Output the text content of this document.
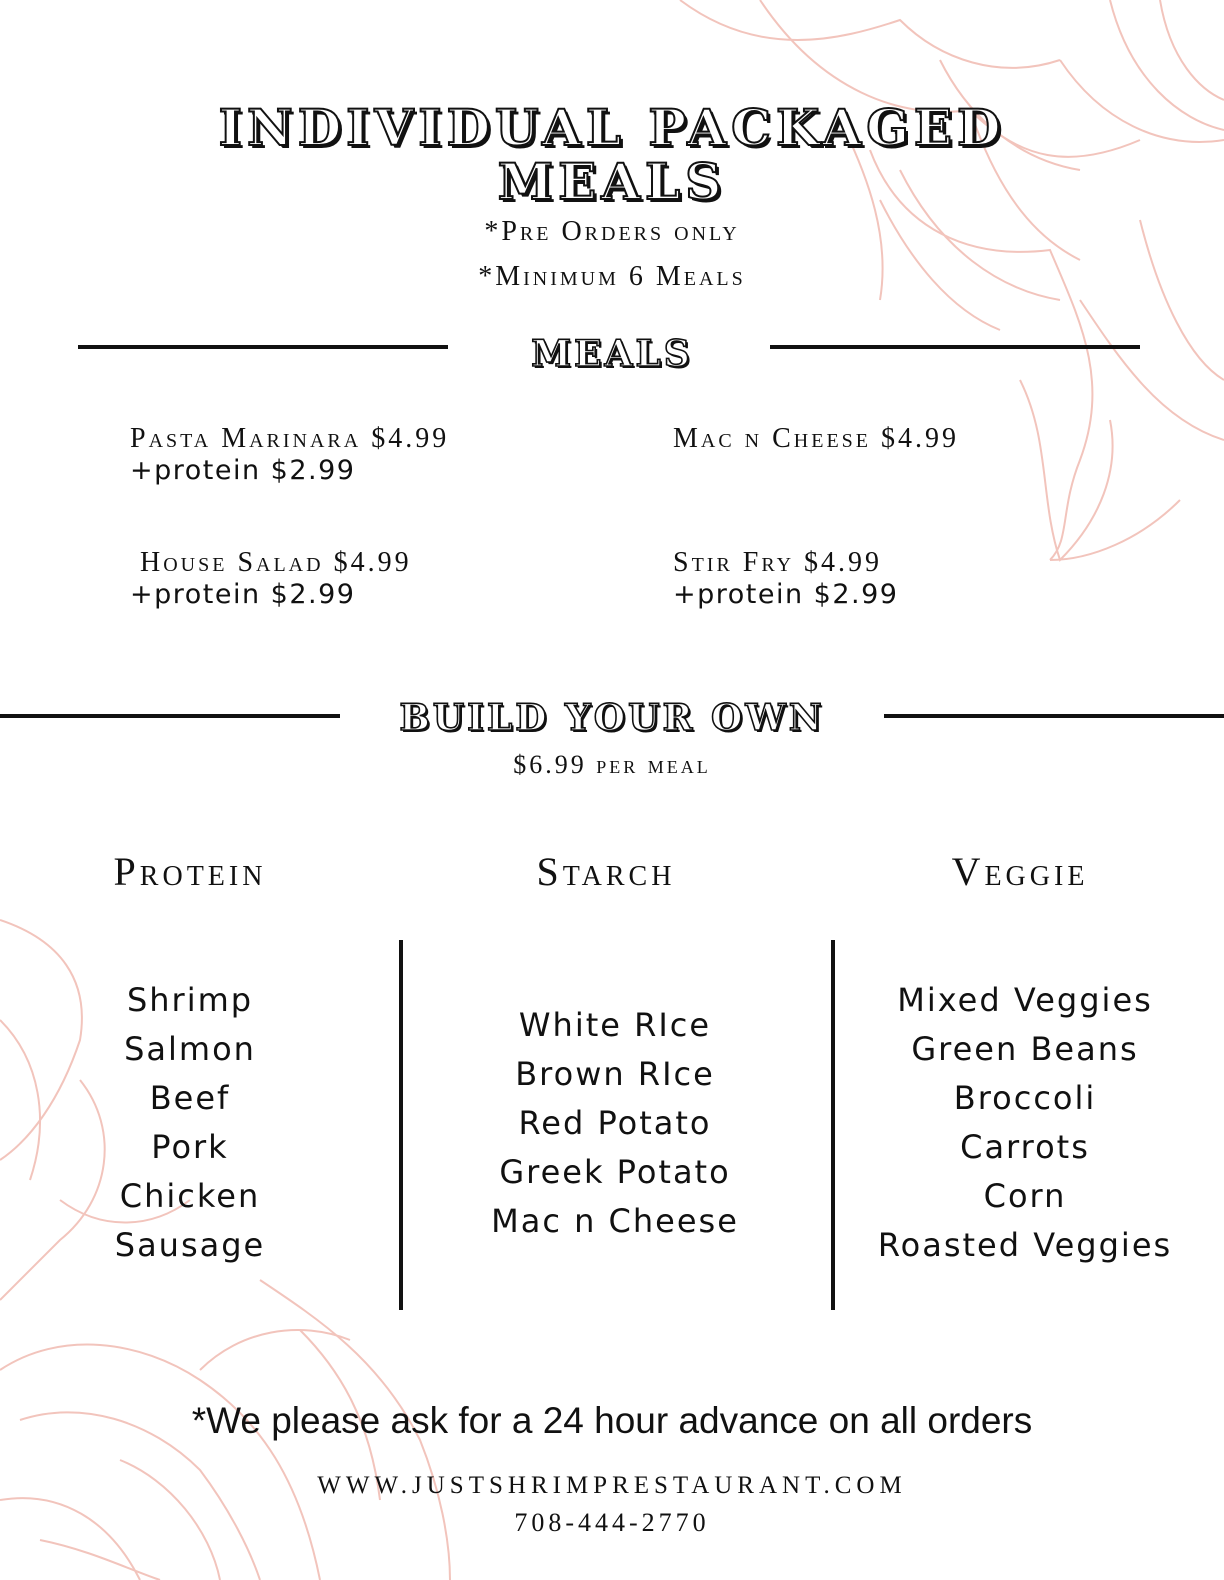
INDIVIDUAL PACKAGED
MEALS
*Pre Orders only
*Minimum 6 Meals
MEALS
Pasta Marinara $4.99
+protein $2.99
Mac n Cheese $4.99
House Salad $4.99
+protein $2.99
Stir Fry $4.99
+protein $2.99
BUILD YOUR OWN
$6.99 per meal
Protein	Starch	Veggie
Shrimp
Salmon
Beef
Pork
Chicken
Sausage
White RIce
Brown RIce
Red Potato
Greek Potato
Mac n Cheese
Mixed Veggies
Green Beans
Broccoli
Carrots
Corn
Roasted Veggies
*We please ask for a 24 hour advance on all orders
WWW.JUSTSHRIMPRESTAURANT.COM
708-444-2770
